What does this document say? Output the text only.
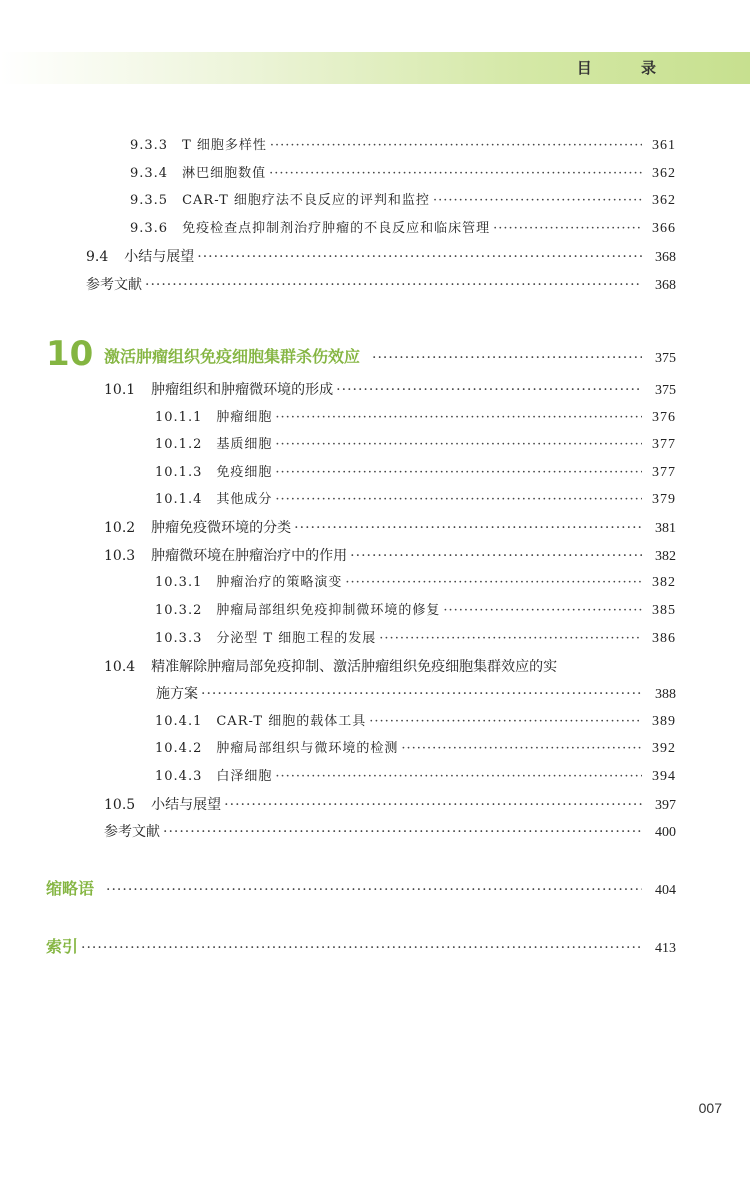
目 录
9.3.3 T 细胞多样性 ·····	361
9.3.4 淋巴细胞数值 ·····	362
9.3.5 CAR-T 细胞疗法不良反应的评判和监控 ·····	362
9.3.6 免疫检查点抑制剂治疗肿瘤的不良反应和临床管理 ·····	366
9.4 小结与展望 ·····	368
参考文献 ·····	368
10 激活肿瘤组织免疫细胞集群杀伤效应 ·····	375
10.1 肿瘤组织和肿瘤微环境的形成 ·····	375
10.1.1 肿瘤细胞 ·····	376
10.1.2 基质细胞 ·····	377
10.1.3 免疫细胞 ·····	377
10.1.4 其他成分 ·····	379
10.2 肿瘤免疫微环境的分类 ·····	381
10.3 肿瘤微环境在肿瘤治疗中的作用 ·····	382
10.3.1 肿瘤治疗的策略演变 ·····	382
10.3.2 肿瘤局部组织免疫抑制微环境的修复 ·····	385
10.3.3 分泌型 T 细胞工程的发展 ·····	386
10.4 精准解除肿瘤局部免疫抑制、激活肿瘤组织免疫细胞集群效应的实
施方案 ·····	388
10.4.1 CAR-T 细胞的载体工具 ·····	389
10.4.2 肿瘤局部组织与微环境的检测 ·····	392
10.4.3 白泽细胞 ·····	394
10.5 小结与展望 ·····	397
参考文献 ·····	400
缩略语 ·····	404
索引 ·····	413
007
